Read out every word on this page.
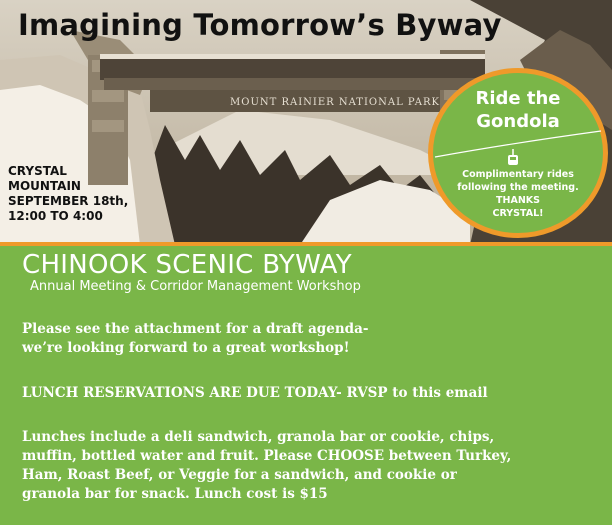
MOUNT RAINIER NATIONAL PARK
Imagining Tomorrow’s Byway
CRYSTAL
MOUNTAIN
SEPTEMBER 18th,
12:00 TO 4:00
Ride the
Gondola
Complimentary rides
following the meeting.
THANKS
CRYSTAL!
CHINOOK SCENIC BYWAY
Annual Meeting & Corridor Management Workshop
Please see the attachment for a draft agenda-
we’re looking forward to a great workshop!
LUNCH RESERVATIONS ARE DUE TODAY- RVSP to this email
Lunches include a deli sandwich, granola bar or cookie, chips,
muffin, bottled water and fruit. Please CHOOSE between Turkey,
Ham, Roast Beef, or Veggie for a sandwich, and cookie or
granola bar for snack. Lunch cost is $15
